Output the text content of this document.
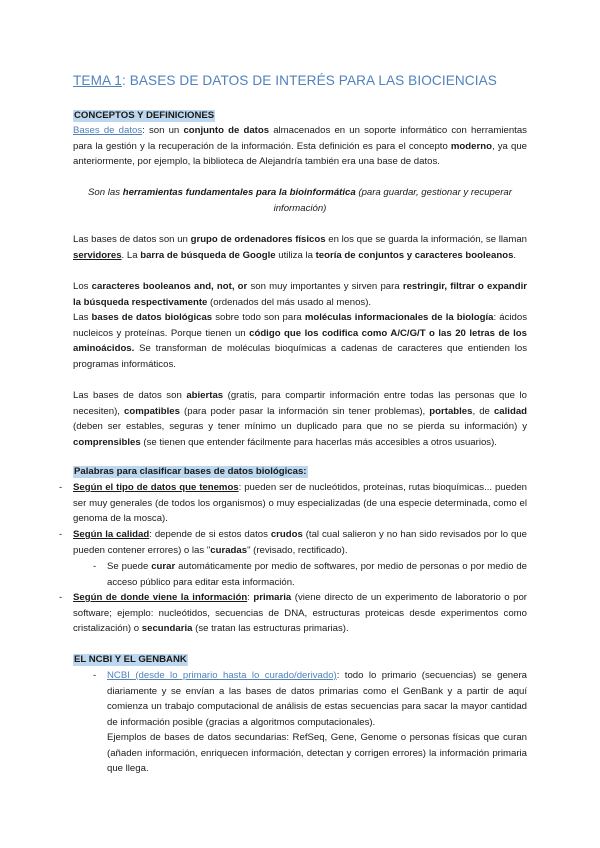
TEMA 1: BASES DE DATOS DE INTERÉS PARA LAS BIOCIENCIAS
CONCEPTOS Y DEFINICIONES
Bases de datos: son un conjunto de datos almacenados en un soporte informático con herramientas para la gestión y la recuperación de la información. Esta definición es para el concepto moderno, ya que anteriormente, por ejemplo, la biblioteca de Alejandría también era una base de datos.
Son las herramientas fundamentales para la bioinformática (para guardar, gestionar y recuperar información)
Las bases de datos son un grupo de ordenadores físicos en los que se guarda la información, se llaman servidores. La barra de búsqueda de Google utiliza la teoría de conjuntos y caracteres booleanos.
Los caracteres booleanos and, not, or son muy importantes y sirven para restringir, filtrar o expandir la búsqueda respectivamente (ordenados del más usado al menos).
Las bases de datos biológicas sobre todo son para moléculas informacionales de la biología: ácidos nucleicos y proteínas. Porque tienen un código que los codifica como A/C/G/T o las 20 letras de los aminoácidos. Se transforman de moléculas bioquímicas a cadenas de caracteres que entienden los programas informáticos.
Las bases de datos son abiertas (gratis, para compartir información entre todas las personas que lo necesiten), compatibles (para poder pasar la información sin tener problemas), portables, de calidad (deben ser estables, seguras y tener mínimo un duplicado para que no se pierda su información) y comprensibles (se tienen que entender fácilmente para hacerlas más accesibles a otros usuarios).
Palabras para clasificar bases de datos biológicas:
- Según el tipo de datos que tenemos: pueden ser de nucleótidos, proteínas, rutas bioquímicas... pueden ser muy generales (de todos los organismos) o muy especializadas (de una especie determinada, como el genoma de la mosca).
- Según la calidad: depende de si estos datos crudos (tal cual salieron y no han sido revisados por lo que pueden contener errores) o las "curadas" (revisado, rectificado).
- Se puede curar automáticamente por medio de softwares, por medio de personas o por medio de acceso público para editar esta información.
- Según de donde viene la información: primaria (viene directo de un experimento de laboratorio o por software; ejemplo: nucleótidos, secuencias de DNA, estructuras proteicas desde experimentos como cristalización) o secundaria (se tratan las estructuras primarias).
EL NCBI Y EL GENBANK
- NCBI (desde lo primario hasta lo curado/derivado): todo lo primario (secuencias) se genera diariamente y se envían a las bases de datos primarias como el GenBank y a partir de aquí comienza un trabajo computacional de análisis de estas secuencias para sacar la mayor cantidad de información posible (gracias a algoritmos computacionales).
Ejemplos de bases de datos secundarias: RefSeq, Gene, Genome o personas físicas que curan (añaden información, enriquecen información, detectan y corrigen errores) la información primaria que llega.
